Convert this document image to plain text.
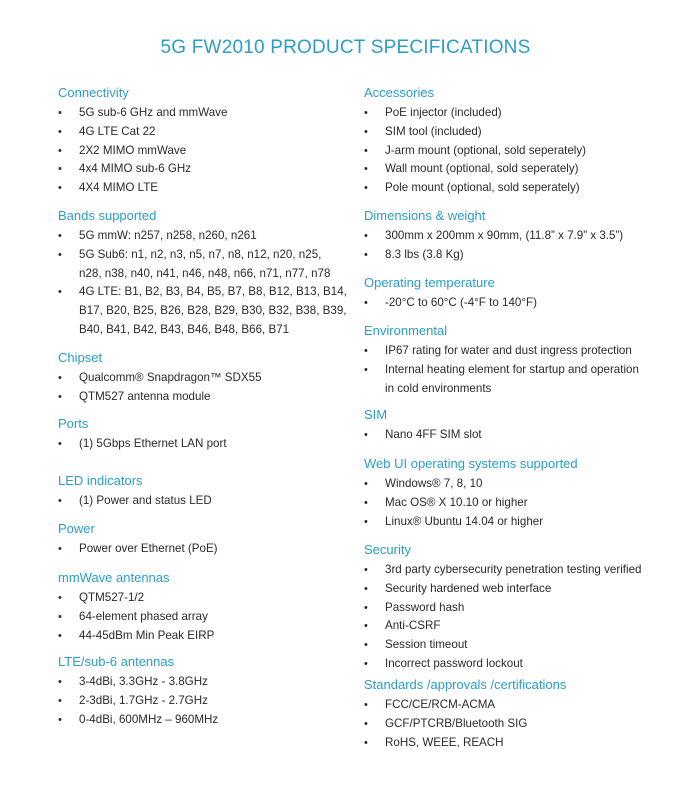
5G FW2010 PRODUCT SPECIFICATIONS
Connectivity
•	5G sub-6 GHz and mmWave
•	4G LTE Cat 22
•	2X2 MIMO mmWave
•	4x4 MIMO sub-6 GHz
•	4X4 MIMO LTE
Bands supported
•	5G mmW: n257, n258, n260, n261
•	5G Sub6: n1, n2, n3, n5, n7, n8, n12, n20, n25,
n28, n38, n40, n41, n46, n48, n66, n71, n77, n78
•	4G LTE: B1, B2, B3, B4, B5, B7, B8, B12, B13, B14,
B17, B20, B25, B26, B28, B29, B30, B32, B38, B39,
B40, B41, B42, B43, B46, B48, B66, B71
Chipset
•	Qualcomm® Snapdragon™ SDX55
•	QTM527 antenna module
Ports
•	(1) 5Gbps Ethernet LAN port
LED indicators
•	(1) Power and status LED
Power
•	Power over Ethernet (PoE)
mmWave antennas
•	QTM527-1/2
•	64-element phased array
•	44-45dBm Min Peak EIRP
LTE/sub-6 antennas
•	3-4dBi, 3.3GHz - 3.8GHz
•	2-3dBi, 1.7GHz - 2.7GHz
•	0-4dBi, 600MHz – 960MHz
Accessories
•	PoE injector (included)
•	SIM tool (included)
•	J-arm mount (optional, sold seperately)
•	Wall mount (optional, sold seperately)
•	Pole mount (optional, sold seperately)
Dimensions & weight
•	300mm x 200mm x 90mm, (11.8” x 7.9” x 3.5”)
•	8.3 lbs (3.8 Kg)
Operating temperature
•	-20°C to 60°C (-4°F to 140°F)
Environmental
•	IP67 rating for water and dust ingress protection
•	Internal heating element for startup and operation
in cold environments
SIM
•	Nano 4FF SIM slot
Web UI operating systems supported
•	Windows® 7, 8, 10
•	Mac OS® X 10.10 or higher
•	Linux® Ubuntu 14.04 or higher
Security
•	3rd party cybersecurity penetration testing verified
•	Security hardened web interface
•	Password hash
•	Anti-CSRF
•	Session timeout
•	Incorrect password lockout
Standards /approvals /certifications
•	FCC/CE/RCM-ACMA
•	GCF/PTCRB/Bluetooth SIG
•	RoHS, WEEE, REACH
